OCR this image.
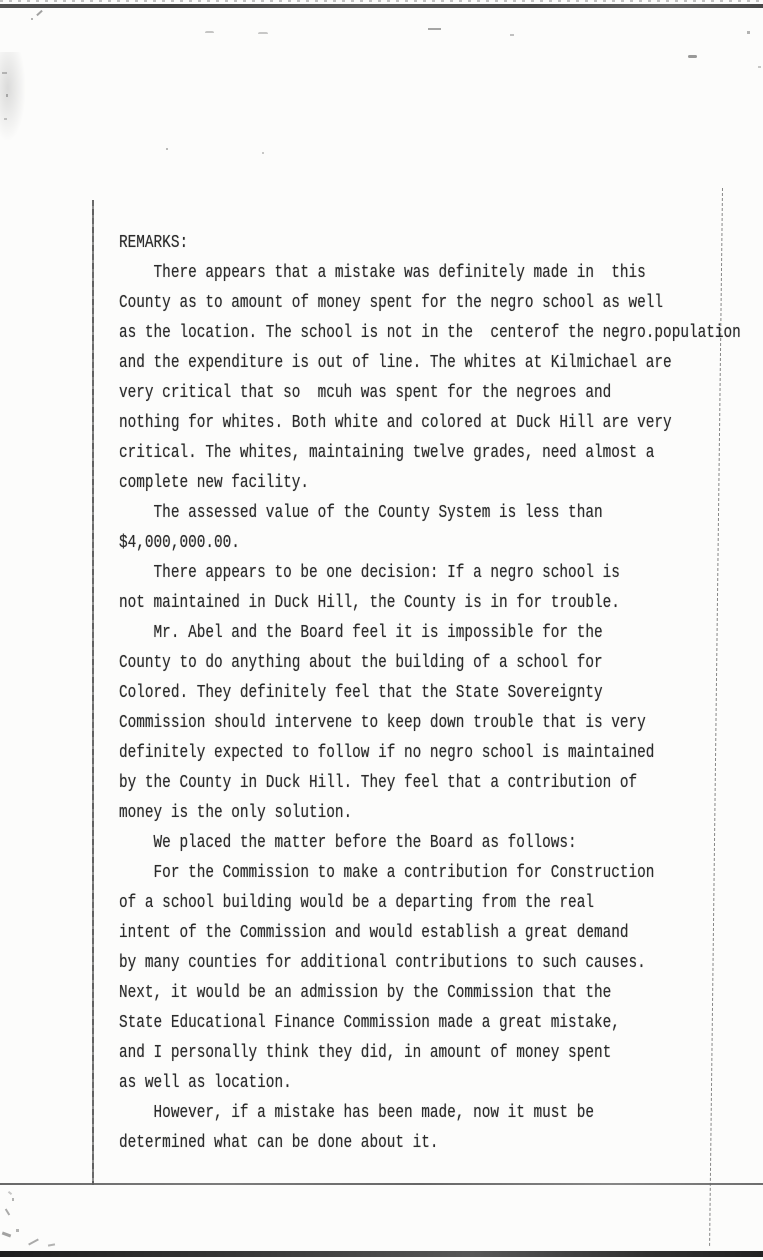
REMARKS:
There appears that a mistake was definitely made in  this
County as to amount of money spent for the negro school as well
as the location. The school is not in the  centerof the negro.population
and the expenditure is out of line. The whites at Kilmichael are
very critical that so  mcuh was spent for the negroes and
nothing for whites. Both white and colored at Duck Hill are very
critical. The whites, maintaining twelve grades, need almost a
complete new facility.
The assessed value of the County System is less than
$4,000,000.00.
There appears to be one decision: If a negro school is
not maintained in Duck Hill, the County is in for trouble.
Mr. Abel and the Board feel it is impossible for the
County to do anything about the building of a school for
Colored. They definitely feel that the State Sovereignty
Commission should intervene to keep down trouble that is very
definitely expected to follow if no negro school is maintained
by the County in Duck Hill. They feel that a contribution of
money is the only solution.
We placed the matter before the Board as follows:
For the Commission to make a contribution for Construction
of a school building would be a departing from the real
intent of the Commission and would establish a great demand
by many counties for additional contributions to such causes.
Next, it would be an admission by the Commission that the
State Educational Finance Commission made a great mistake,
and I personally think they did, in amount of money spent
as well as location.
However, if a mistake has been made, now it must be
determined what can be done about it.
